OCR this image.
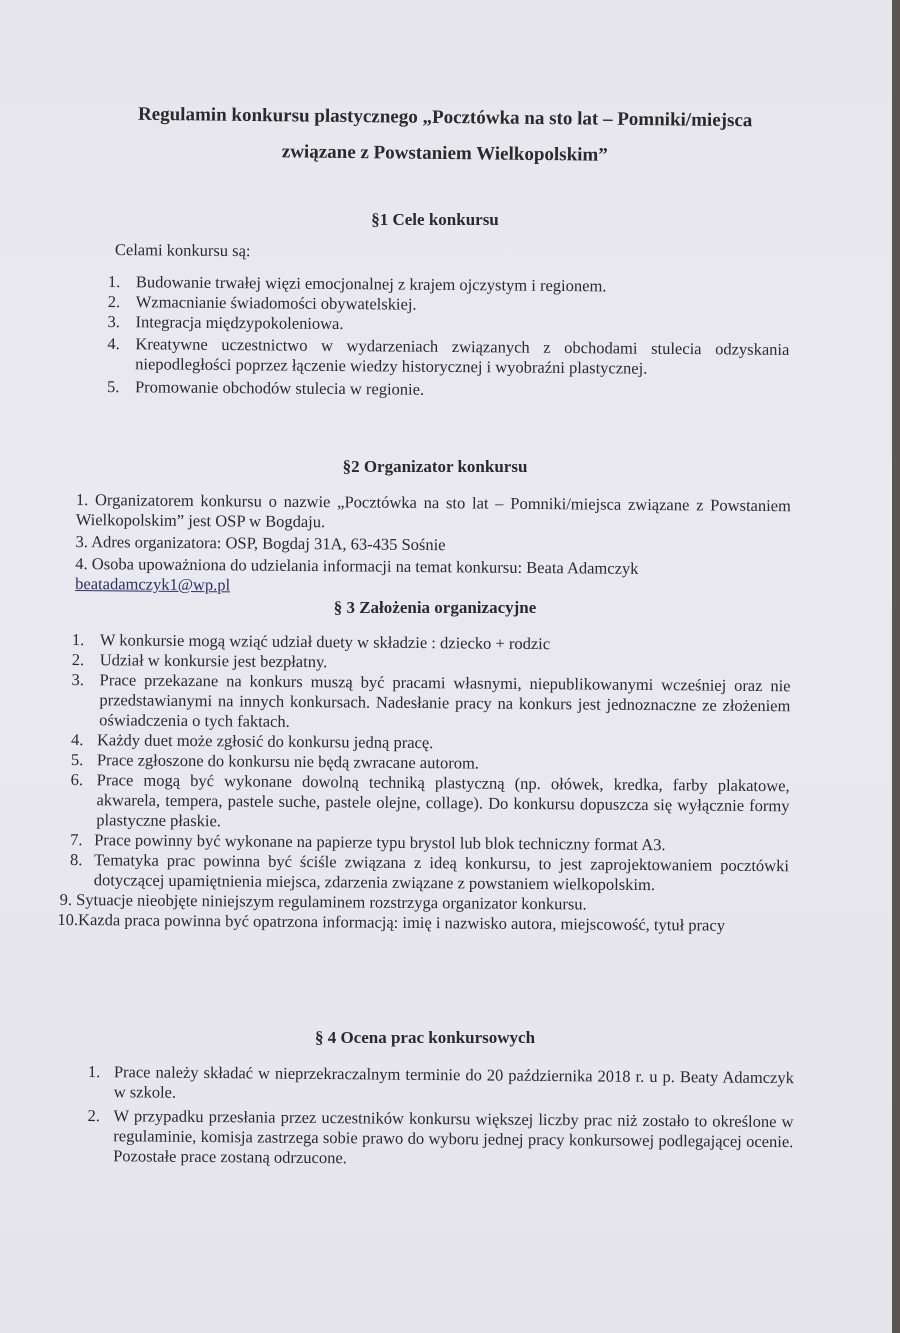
Regulamin konkursu plastycznego „Pocztówka na sto lat – Pomniki/miejsca
związane z Powstaniem Wielkopolskim”
§1 Cele konkursu
Celami konkursu są:
1. Budowanie trwałej więzi emocjonalnej z krajem ojczystym i regionem.
2. Wzmacnianie świadomości obywatelskiej.
3. Integracja międzypokoleniowa.
4. Kreatywne uczestnictwo w wydarzeniach związanych z obchodami stulecia odzyskania niepodległości poprzez łączenie wiedzy historycznej i wyobraźni plastycznej.
5. Promowanie obchodów stulecia w regionie.
§2 Organizator konkursu

1. Organizatorem konkursu o nazwie „Pocztówka na sto lat – Pomniki/miejsca związane z Powstaniem Wielkopolskim” jest OSP w Bogdaju.

3. Adres organizatora: OSP, Bogdaj 31A, 63-435 Sośnie

4. Osoba upoważniona do udzielania informacji na temat konkursu: Beata Adamczyk

beatadamczyk1@wp.pl
§ 3 Założenia organizacyjne
1. W konkursie mogą wziąć udział duety w składzie : dziecko + rodzic
2. Udział w konkursie jest bezpłatny.
3. Prace przekazane na konkurs muszą być pracami własnymi, niepublikowanymi wcześniej oraz nie przedstawianymi na innych konkursach. Nadesłanie pracy na konkurs jest jednoznaczne ze złożeniem oświadczenia o tych faktach.
4. Każdy duet może zgłosić do konkursu jedną pracę.
5. Prace zgłoszone do konkursu nie będą zwracane autorom.
6. Prace mogą być wykonane dowolną techniką plastyczną (np. ołówek, kredka, farby plakatowe, akwarela, tempera, pastele suche, pastele olejne, collage). Do konkursu dopuszcza się wyłącznie formy plastyczne płaskie.
7. Prace powinny być wykonane na papierze typu brystol lub blok techniczny format A3.
8. Tematyka prac powinna być ściśle związana z ideą konkursu, to jest zaprojektowaniem pocztówki dotyczącej upamiętnienia miejsca, zdarzenia związane z powstaniem wielkopolskim.

9. Sytuacje nieobjęte niniejszym regulaminem rozstrzyga organizator konkursu.

10.Kazda praca powinna być opatrzona informacją: imię i nazwisko autora, miejscowość, tytuł pracy

§ 4 Ocena prac konkursowych
1. Prace należy składać w nieprzekraczalnym terminie do 20 października 2018 r. u p. Beaty Adamczyk w szkole.
2. W przypadku przesłania przez uczestników konkursu większej liczby prac niż zostało to określone w regulaminie, komisja zastrzega sobie prawo do wyboru jednej pracy konkursowej podlegającej ocenie. Pozostałe prace zostaną odrzucone.
